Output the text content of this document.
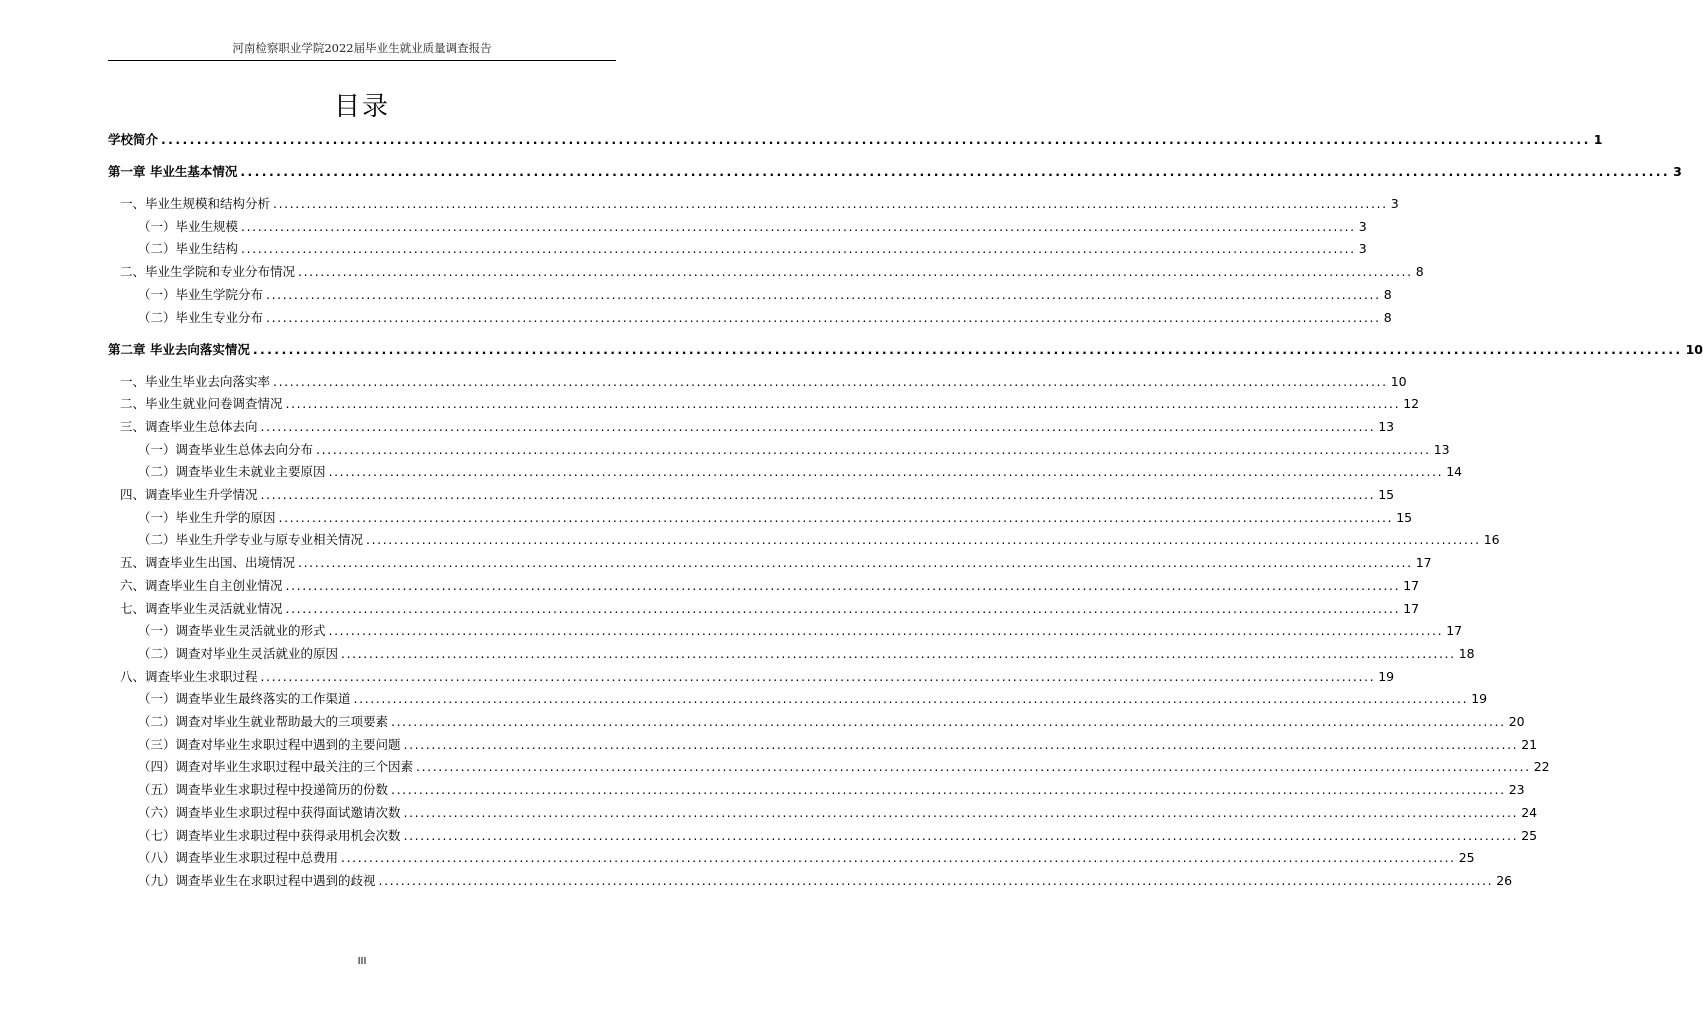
河南检察职业学院2022届毕业生就业质量调查报告
目录
学校简介 ........................................................................................................................................................................................................ 1
第一章 毕业生基本情况 ........................................................................................................................................................................................................ 3
一、毕业生规模和结构分析 ........................................................................................................................................................................................................ 3
（一）毕业生规模 ........................................................................................................................................................................................................ 3
（二）毕业生结构 ........................................................................................................................................................................................................ 3
二、毕业生学院和专业分布情况 ........................................................................................................................................................................................................ 8
（一）毕业生学院分布 ........................................................................................................................................................................................................ 8
（二）毕业生专业分布 ........................................................................................................................................................................................................ 8
第二章 毕业去向落实情况 ........................................................................................................................................................................................................ 10
一、毕业生毕业去向落实率 ........................................................................................................................................................................................................ 10
二、毕业生就业问卷调查情况 ........................................................................................................................................................................................................ 12
三、调查毕业生总体去向 ........................................................................................................................................................................................................ 13
（一）调查毕业生总体去向分布 ........................................................................................................................................................................................................ 13
（二）调查毕业生未就业主要原因 ........................................................................................................................................................................................................ 14
四、调查毕业生升学情况 ........................................................................................................................................................................................................ 15
（一）毕业生升学的原因 ........................................................................................................................................................................................................ 15
（二）毕业生升学专业与原专业相关情况 ........................................................................................................................................................................................................ 16
五、调查毕业生出国、出境情况 ........................................................................................................................................................................................................ 17
六、调查毕业生自主创业情况 ........................................................................................................................................................................................................ 17
七、调查毕业生灵活就业情况 ........................................................................................................................................................................................................ 17
（一）调查毕业生灵活就业的形式 ........................................................................................................................................................................................................ 17
（二）调查对毕业生灵活就业的原因 ........................................................................................................................................................................................................ 18
八、调查毕业生求职过程 ........................................................................................................................................................................................................ 19
（一）调查毕业生最终落实的工作渠道 ........................................................................................................................................................................................................ 19
（二）调查对毕业生就业帮助最大的三项要素 ........................................................................................................................................................................................................ 20
（三）调查对毕业生求职过程中遇到的主要问题 ........................................................................................................................................................................................................ 21
（四）调查对毕业生求职过程中最关注的三个因素 ........................................................................................................................................................................................................ 22
（五）调查毕业生求职过程中投递简历的份数 ........................................................................................................................................................................................................ 23
（六）调查毕业生求职过程中获得面试邀请次数 ........................................................................................................................................................................................................ 24
（七）调查毕业生求职过程中获得录用机会次数 ........................................................................................................................................................................................................ 25
（八）调查毕业生求职过程中总费用 ........................................................................................................................................................................................................ 25
（九）调查毕业生在求职过程中遇到的歧视 ........................................................................................................................................................................................................ 26
III
